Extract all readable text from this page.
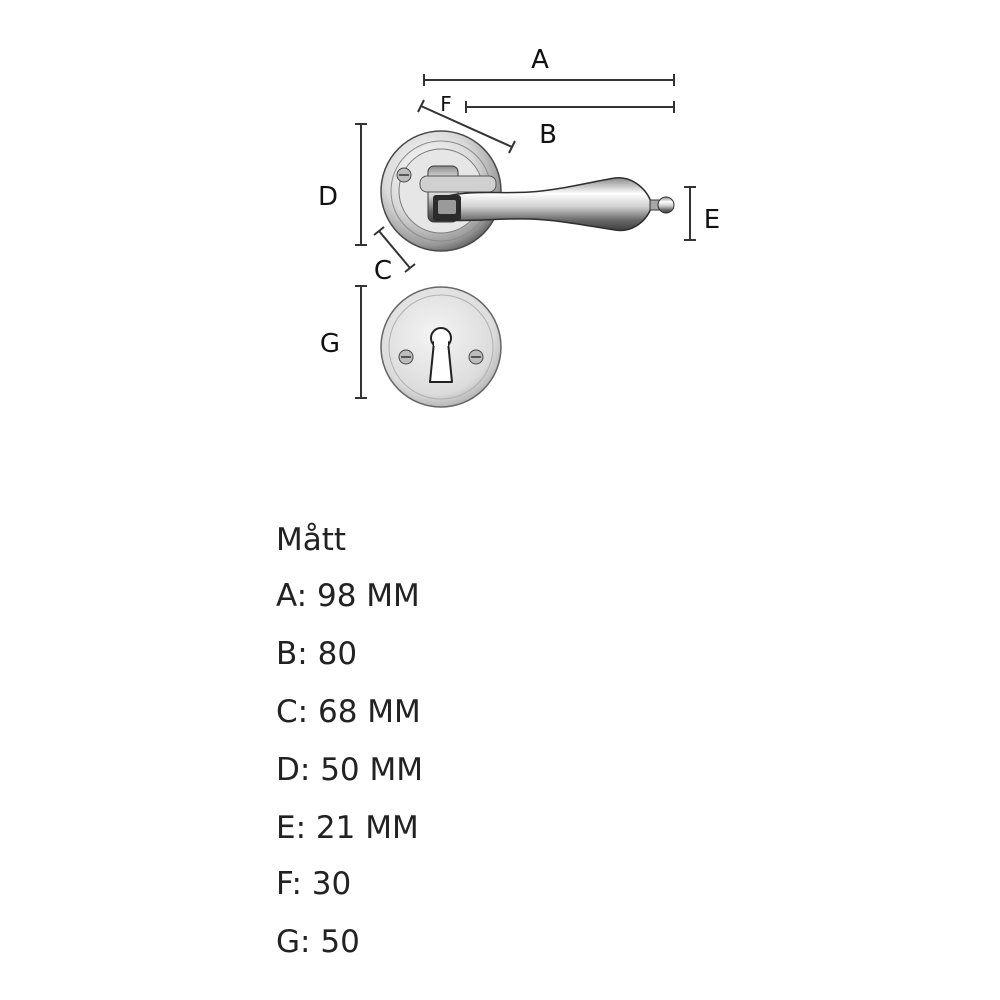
A
B
F
D
C
E
G
Mått
A : 98 MM
B : 80
C : 68 MM
D : 50 MM
E : 21 MM
F : 30
G : 50
